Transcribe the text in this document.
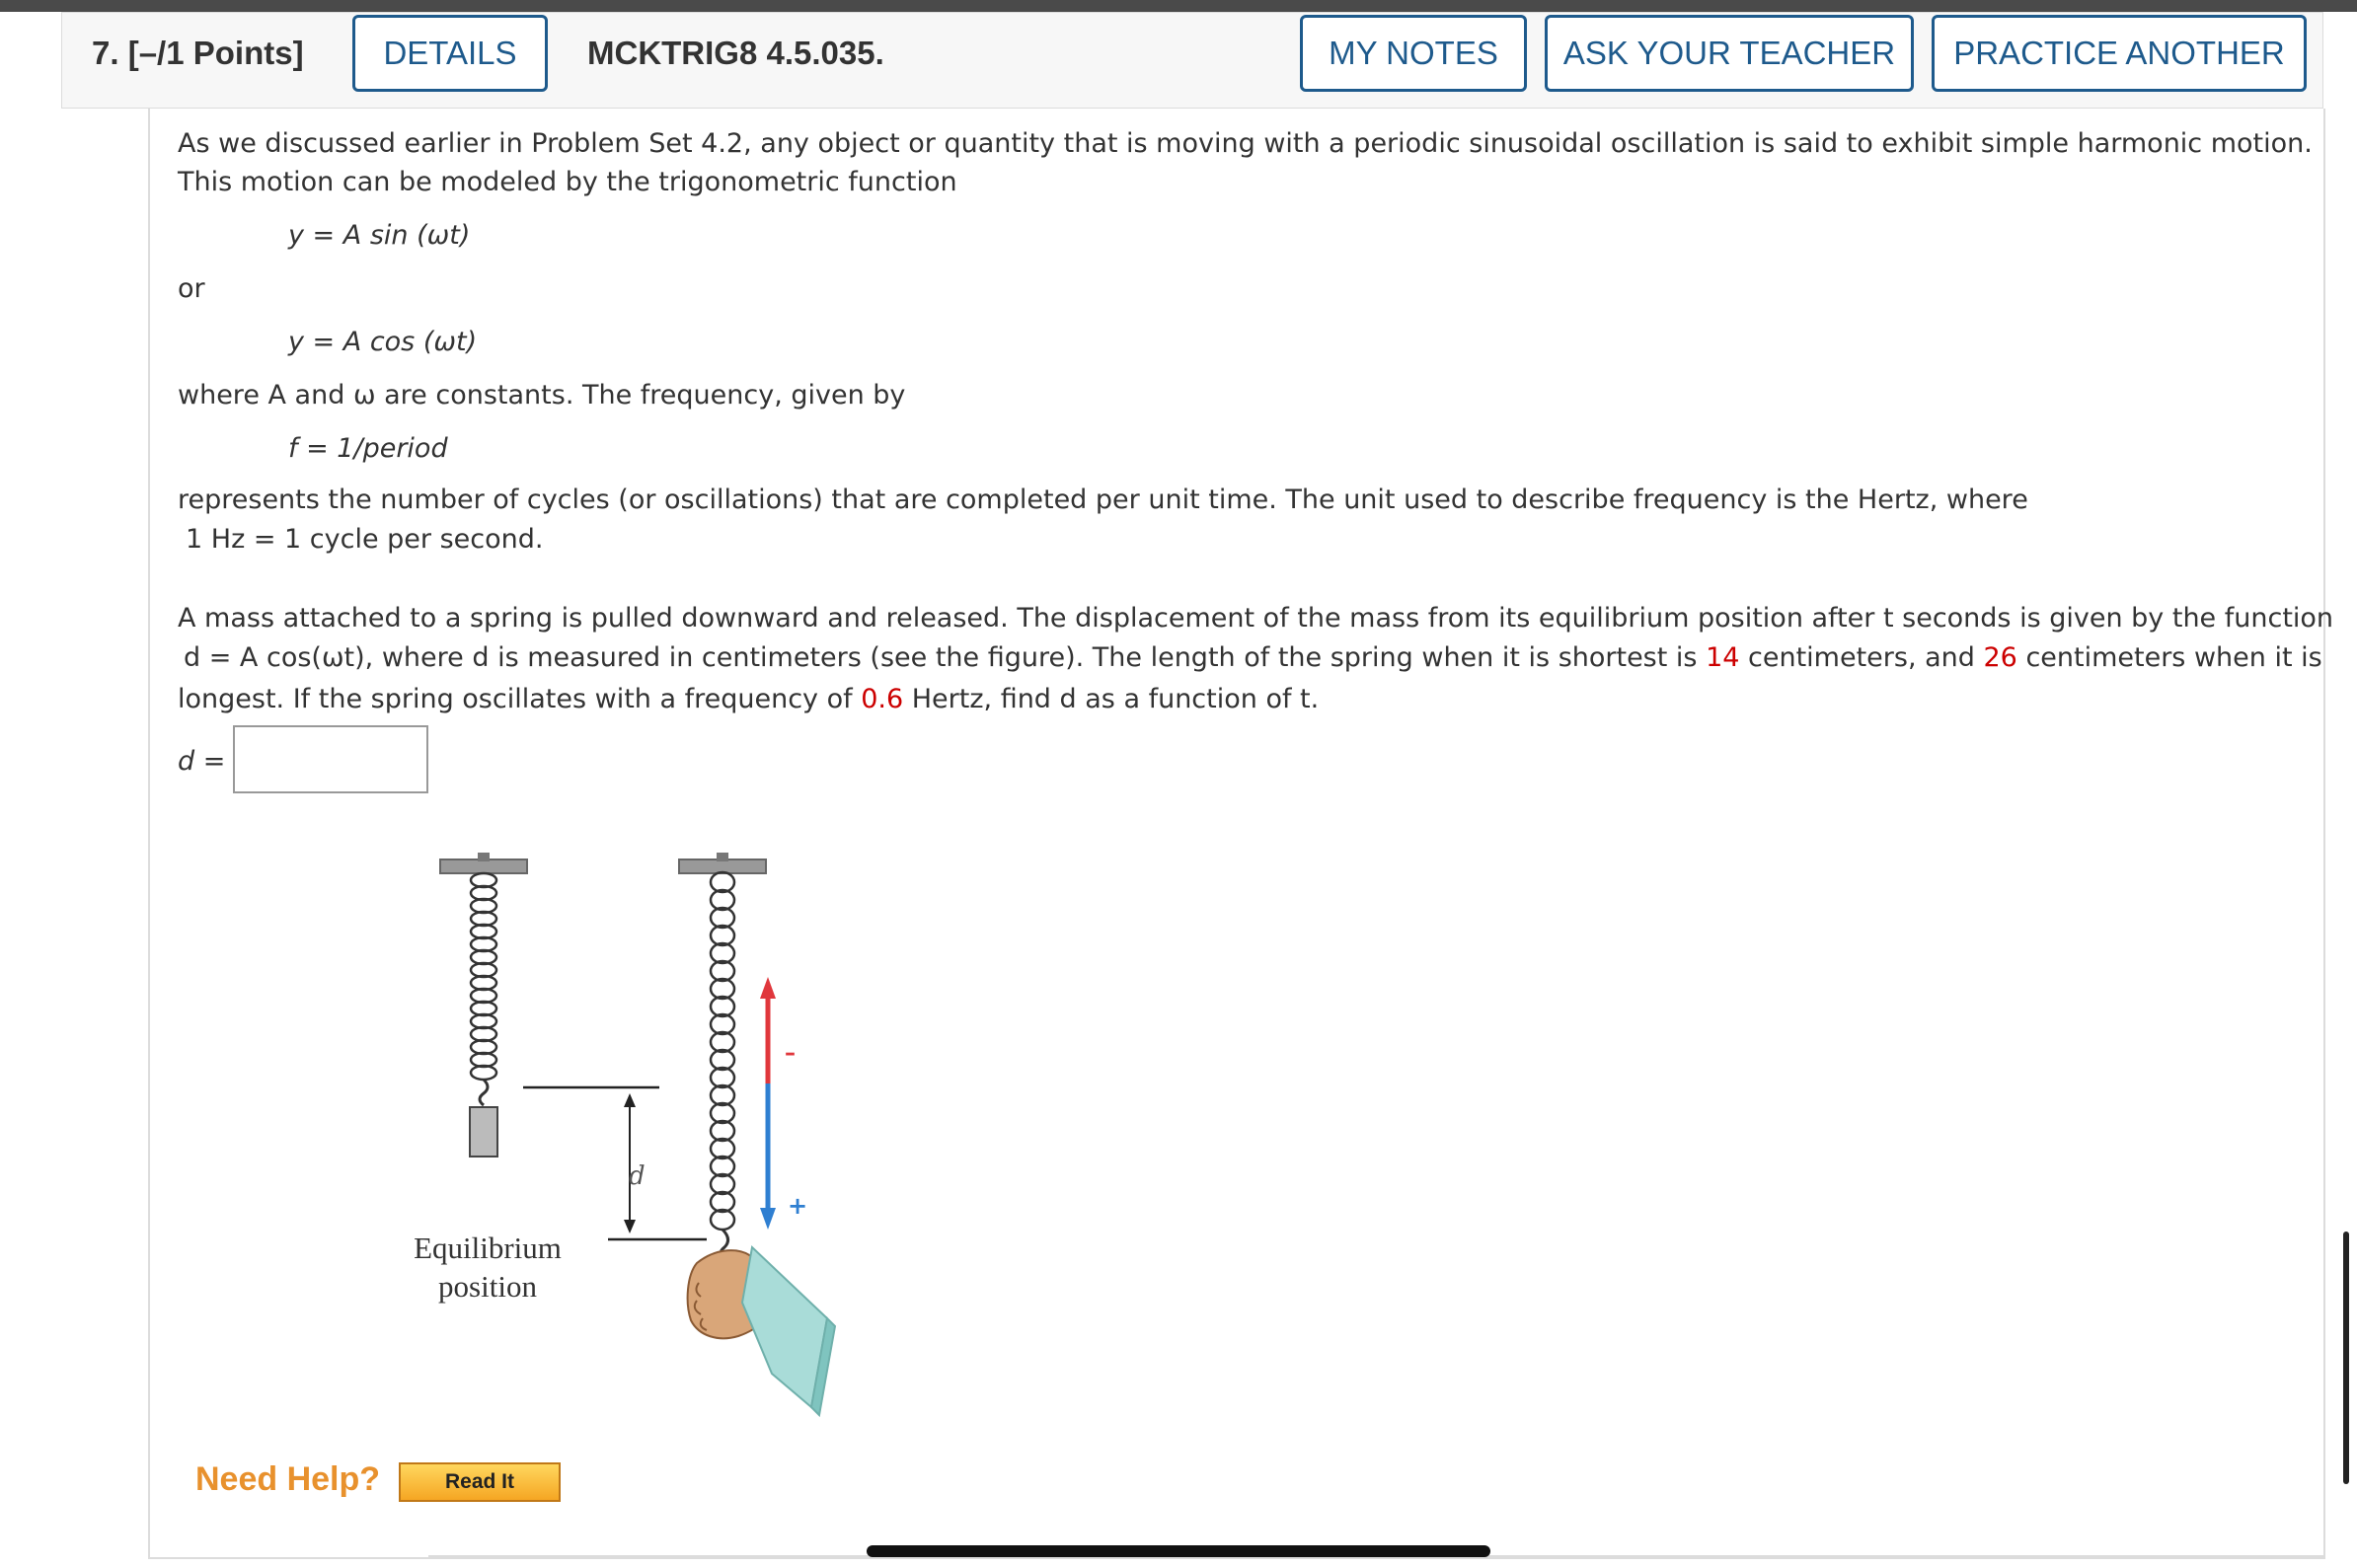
7. [–/1 Points]	DETAILS	MCKTRIG8 4.5.035.	MY NOTES	ASK YOUR TEACHER	PRACTICE ANOTHER
As we discussed earlier in Problem Set 4.2, any object or quantity that is moving with a periodic sinusoidal oscillation is said to exhibit simple harmonic motion.
This motion can be modeled by the trigonometric function
y = A sin (ωt)
or
y = A cos (ωt)
where A and ω are constants. The frequency, given by
f = 1/period
represents the number of cycles (or oscillations) that are completed per unit time. The unit used to describe frequency is the Hertz, where
1 Hz = 1 cycle per second.
A mass attached to a spring is pulled downward and released. The displacement of the mass from its equilibrium position after t seconds is given by the function
d = A cos(ωt), where d is measured in centimeters (see the figure). The length of the spring when it is shortest is 14 centimeters, and 26 centimeters when it is
longest. If the spring oscillates with a frequency of 0.6 Hertz, find d as a function of t.
d =
d
–
+
Equilibrium
position
Need Help?	Read It
